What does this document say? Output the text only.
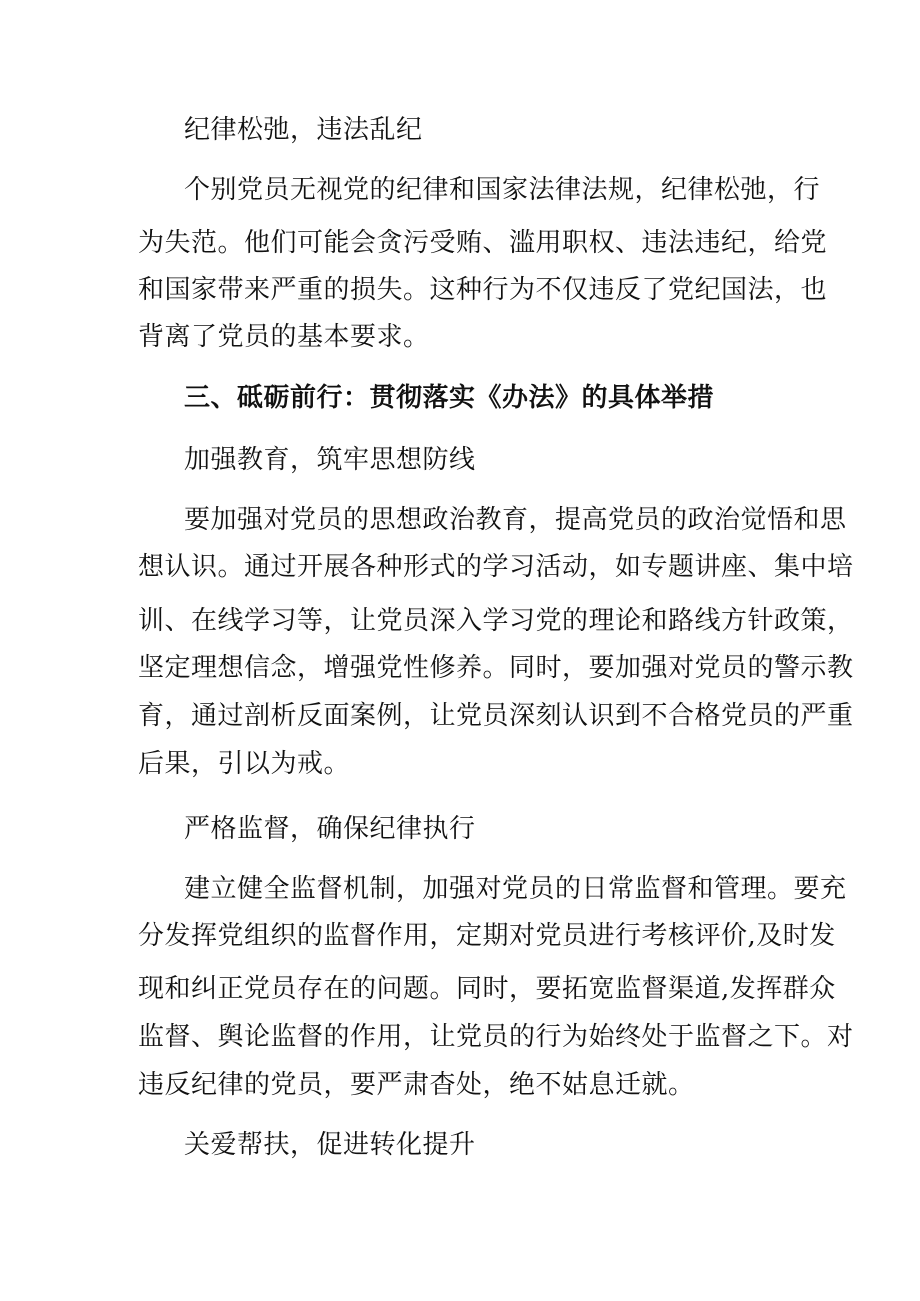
纪律松弛，违法乱纪
个别党员无视党的纪律和国家法律法规，纪律松弛，行
为失范。他们可能会贪污受贿、滥用职权、违法违纪，给党
和国家带来严重的损失。这种行为不仅违反了党纪国法，也
背离了党员的基本要求。
三、砥砺前行：贯彻落实《办法》的具体举措
加强教育，筑牢思想防线
要加强对党员的思想政治教育，提高党员的政治觉悟和思
想认识。通过开展各种形式的学习活动，如专题讲座、集中培
训、在线学习等，让党员深入学习党的理论和路线方针政策，
坚定理想信念，增强党性修养。同时，要加强对党员的警示教
育，通过剖析反面案例，让党员深刻认识到不合格党员的严重
后果，引以为戒。
严格监督，确保纪律执行
建立健全监督机制，加强对党员的日常监督和管理。要充
分发挥党组织的监督作用，定期对党员进行考核评价,及时发
现和纠正党员存在的问题。同时，要拓宽监督渠道,发挥群众
监督、舆论监督的作用，让党员的行为始终处于监督之下。对
违反纪律的党员，要严肃杳处，绝不姑息迁就。
关爱帮扶，促进转化提升
